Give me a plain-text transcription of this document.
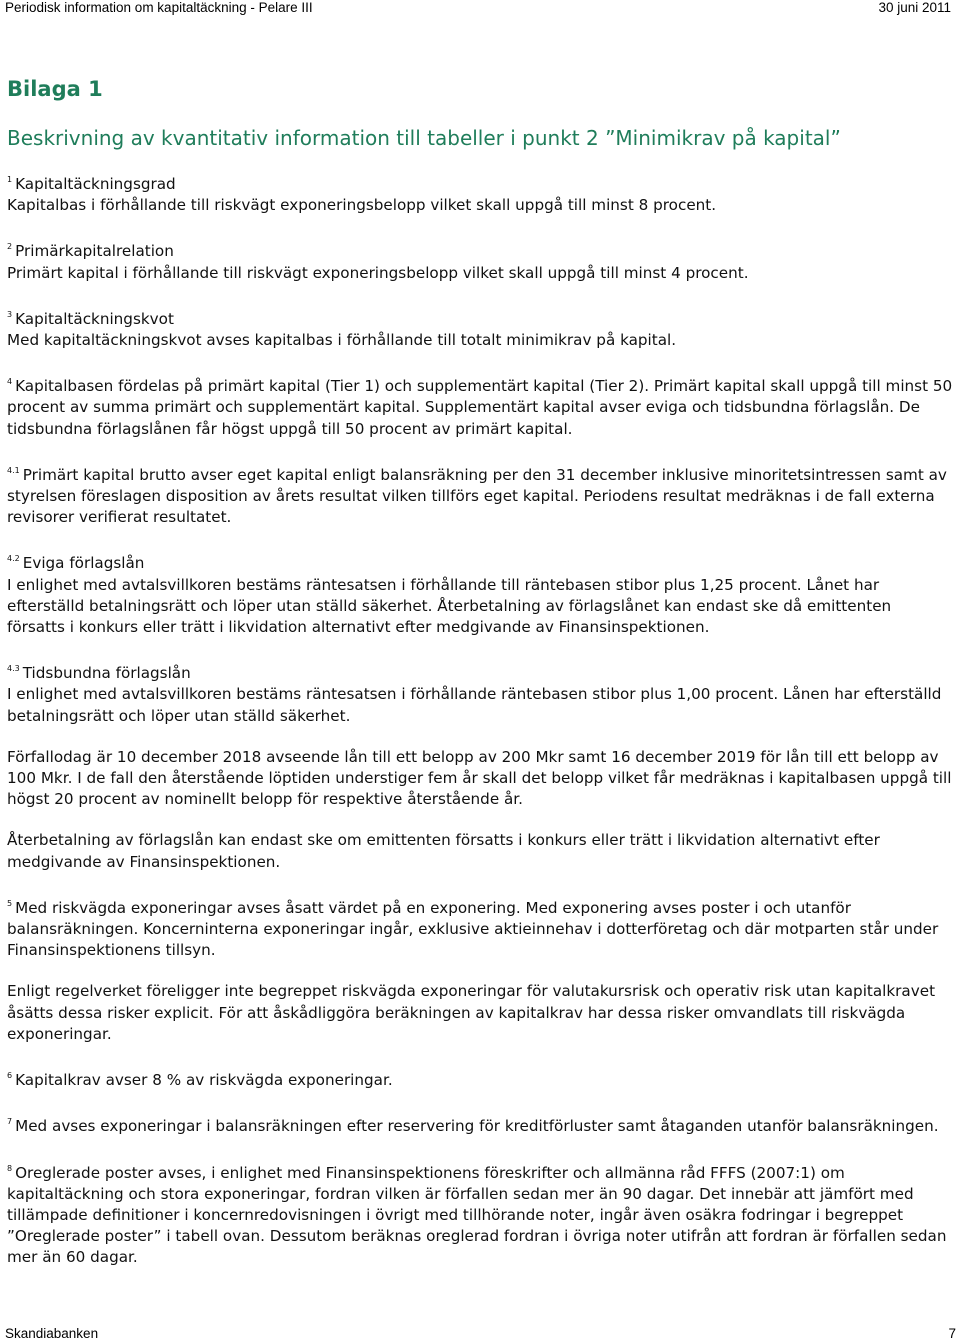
Periodisk information om kapitaltäckning - Pelare III	30 juni 2011
Bilaga 1
Beskrivning av kvantitativ information till tabeller i punkt 2 ”Minimikrav på kapital”

$^1$ Kapitaltäckningsgrad
Kapitalbas i förhållande till riskvägt exponeringsbelopp vilket skall uppgå till minst 8 procent.

$^2$ Primärkapitalrelation
Primärt kapital i förhållande till riskvägt exponeringsbelopp vilket skall uppgå till minst 4 procent.

$^3$ Kapitaltäckningskvot
Med kapitaltäckningskvot avses kapitalbas i förhållande till totalt minimikrav på kapital.

$^4$ Kapitalbasen fördelas på primärt kapital (Tier 1) och supplementärt kapital (Tier 2). Primärt kapital skall uppgå till minst 50 procent av summa primärt och supplementärt kapital. Supplementärt kapital avser eviga och tidsbundna förlagslån. De tidsbundna förlagslånen får högst uppgå till 50 procent av primärt kapital.

$^{4.1}$ Primärt kapital brutto avser eget kapital enligt balansräkning per den 31 december inklusive minoritetsintressen samt av styrelsen föreslagen disposition av årets resultat vilken tillförs eget kapital. Periodens resultat medräknas i de fall externa revisorer verifierat resultatet.

$^{4.2}$ Eviga förlagslån
I enlighet med avtalsvillkoren bestäms räntesatsen i förhållande till räntebasen stibor plus 1,25 procent. Lånet har efterställd betalningsrätt och löper utan ställd säkerhet. Återbetalning av förlagslånet kan endast ske då emittenten försatts i konkurs eller trätt i likvidation alternativt efter medgivande av Finansinspektionen.

$^{4.3}$ Tidsbundna förlagslån
I enlighet med avtalsvillkoren bestäms räntesatsen i förhållande räntebasen stibor plus 1,00 procent. Lånen har efterställd betalningsrätt och löper utan ställd säkerhet.

Förfallodag är 10 december 2018 avseende lån till ett belopp av 200 Mkr samt 16 december 2019 för lån till ett belopp av 100 Mkr. I de fall den återstående löptiden understiger fem år skall det belopp vilket får medräknas i kapitalbasen uppgå till högst 20 procent av nominellt belopp för respektive återstående år.

Återbetalning av förlagslån kan endast ske om emittenten försatts i konkurs eller trätt i likvidation alternativt efter medgivande av Finansinspektionen.

$^5$ Med riskvägda exponeringar avses åsatt värdet på en exponering. Med exponering avses poster i och utanför balansräkningen. Koncerninterna exponeringar ingår, exklusive aktieinnehav i dotterföretag och där motparten står under Finansinspektionens tillsyn.

Enligt regelverket föreligger inte begreppet riskvägda exponeringar för valutakursrisk och operativ risk utan kapitalkravet åsätts dessa risker explicit. För att åskådliggöra beräkningen av kapitalkrav har dessa risker omvandlats till riskvägda exponeringar.

$^6$ Kapitalkrav avser 8 % av riskvägda exponeringar.

$^7$ Med avses exponeringar i balansräkningen efter reservering för kreditförluster samt åtaganden utanför balansräkningen.

$^8$ Oreglerade poster avses, i enlighet med Finansinspektionens föreskrifter och allmänna råd FFFS (2007:1) om kapitaltäckning och stora exponeringar, fordran vilken är förfallen sedan mer än 90 dagar. Det innebär att jämfört med tillämpade definitioner i koncernredovisningen i övrigt med tillhörande noter, ingår även osäkra fodringar i begreppet ”Oreglerade poster” i tabell ovan. Dessutom beräknas oreglerad fordran i övriga noter utifrån att fordran är förfallen sedan mer än 60 dagar.

Skandiabanken	7
